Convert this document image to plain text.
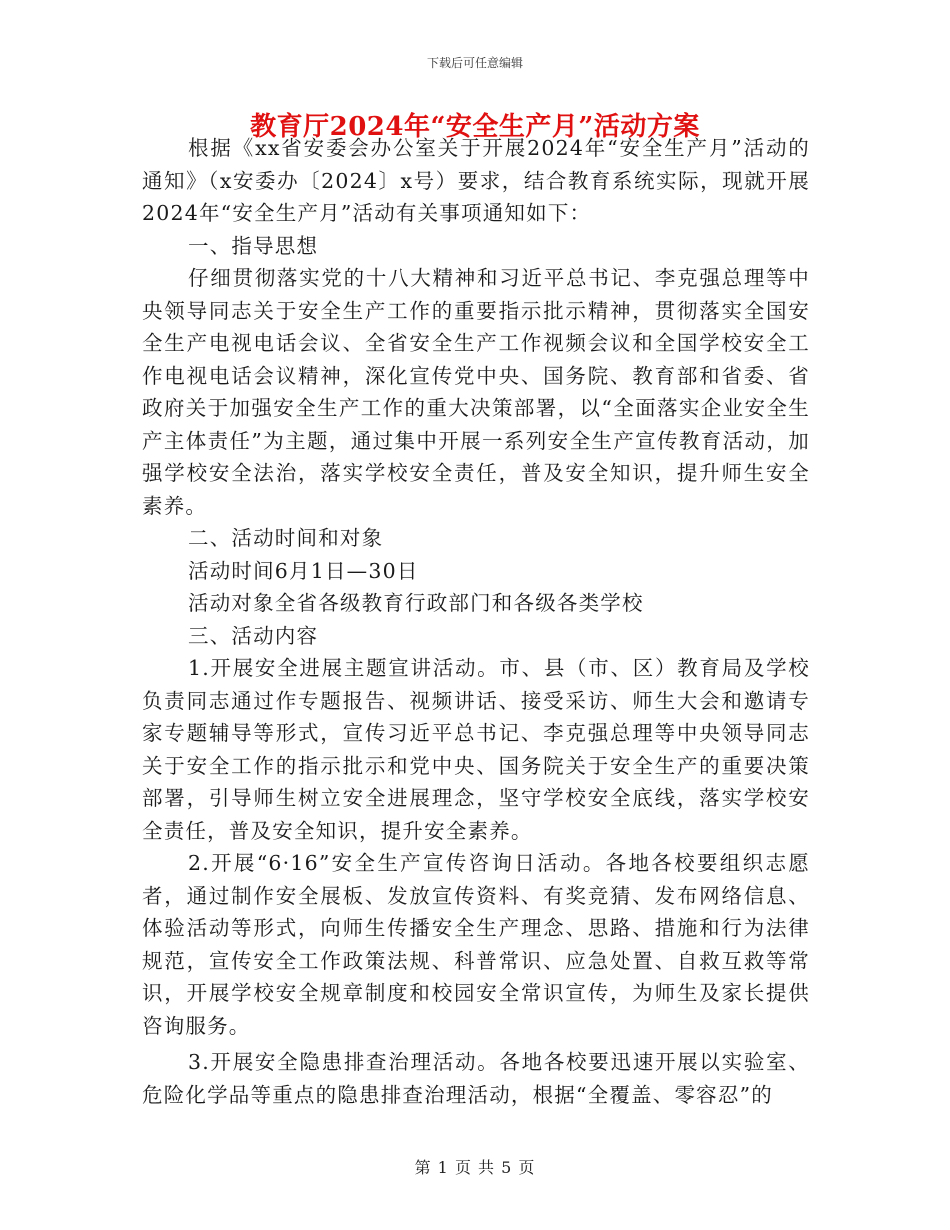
下载后可任意编辑
教育厅2024年“安全生产月”活动方案

根据《xx省安委会办公室关于开展2024年“安全生产月”活动的通知》（x安委办〔2024〕x号）要求，结合教育系统实际，现就开展2024年“安全生产月”活动有关事项通知如下：

一、指导思想

仔细贯彻落实党的十八大精神和习近平总书记、李克强总理等中央领导同志关于安全生产工作的重要指示批示精神，贯彻落实全国安全生产电视电话会议、全省安全生产工作视频会议和全国学校安全工作电视电话会议精神，深化宣传党中央、国务院、教育部和省委、省政府关于加强安全生产工作的重大决策部署，以“全面落实企业安全生产主体责任”为主题，通过集中开展一系列安全生产宣传教育活动，加强学校安全法治，落实学校安全责任，普及安全知识，提升师生安全素养。

二、活动时间和对象

活动时间6月1日—30日

活动对象全省各级教育行政部门和各级各类学校

三、活动内容

1.开展安全进展主题宣讲活动。市、县（市、区）教育局及学校负责同志通过作专题报告、视频讲话、接受采访、师生大会和邀请专家专题辅导等形式，宣传习近平总书记、李克强总理等中央领导同志关于安全工作的指示批示和党中央、国务院关于安全生产的重要决策部署，引导师生树立安全进展理念，坚守学校安全底线，落实学校安全责任，普及安全知识，提升安全素养。

2.开展“6·16”安全生产宣传咨询日活动。各地各校要组织志愿者，通过制作安全展板、发放宣传资料、有奖竞猜、发布网络信息、体验活动等形式，向师生传播安全生产理念、思路、措施和行为法律规范，宣传安全工作政策法规、科普常识、应急处置、自救互救等常识，开展学校安全规章制度和校园安全常识宣传，为师生及家长提供咨询服务。

3.开展安全隐患排查治理活动。各地各校要迅速开展以实验室、危险化学品等重点的隐患排查治理活动，根据“全覆盖、零容忍”的

第 1 页 共 5 页
